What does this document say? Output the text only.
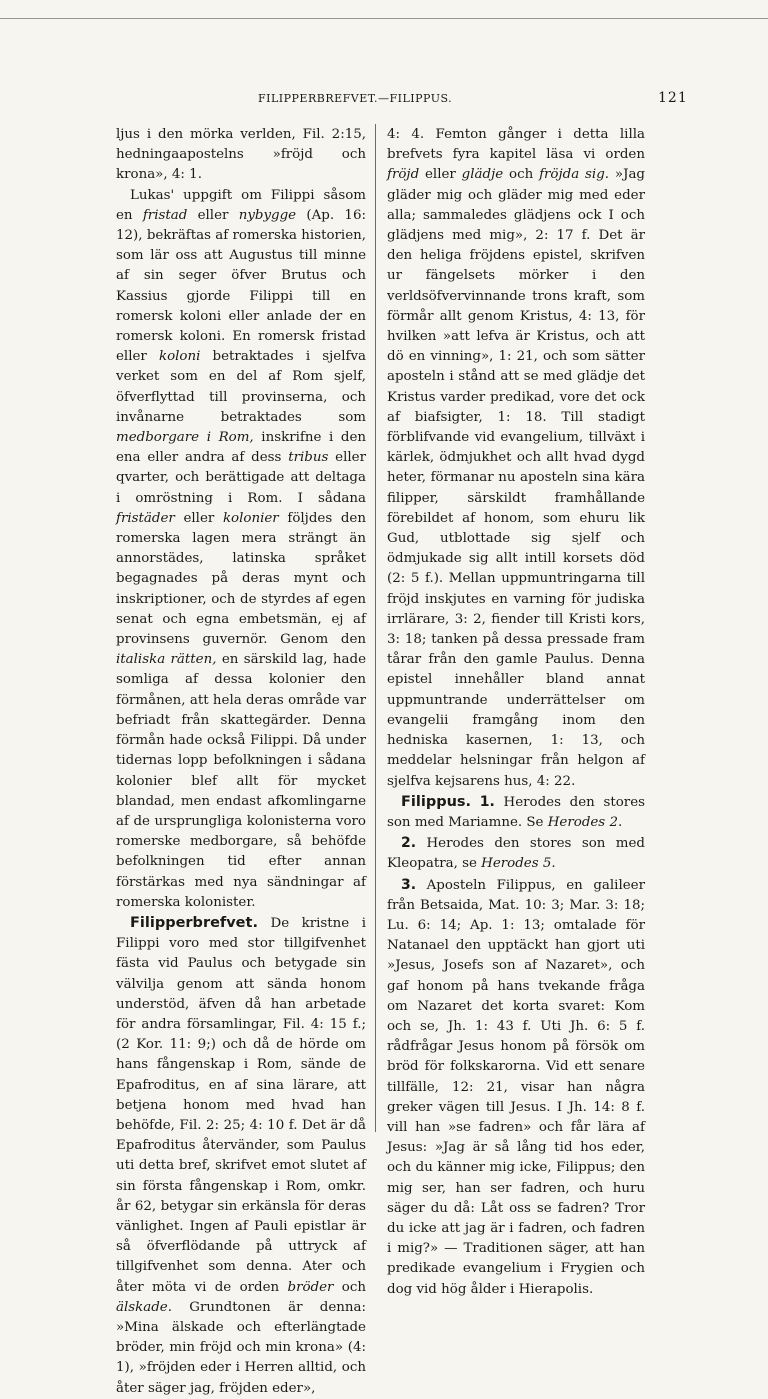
FILIPPERBREFVET.—FILIPPUS.	121

ljus i den mörka verlden, Fil. 2:15, hedningaapostelns »fröjd och krona», 4: 1.

Lukas' uppgift om Filippi såsom en fristad eller nybygge (Ap. 16: 12), bekräftas af romerska historien, som lär oss att Augustus till minne af sin seger öfver Brutus och Kassius gjorde Filippi till en romersk koloni eller anlade der en romersk koloni. En romersk fristad eller koloni betraktades i sjelfva verket som en del af Rom sjelf, öfverflyttad till provinserna, och invånarne betraktades som medborgare i Rom, inskrifne i den ena eller andra af dess tribus eller qvarter, och berättigade att deltaga i omröstning i Rom. I sådana fristäder eller kolonier följdes den romerska lagen mera strängt än annorstädes, latinska språket begagnades på deras mynt och inskriptioner, och de styrdes af egen senat och egna embetsmän, ej af provinsens guvernör. Genom den italiska rätten, en särskild lag, hade somliga af dessa kolonier den förmånen, att hela deras område var befriadt från skattegärder. Denna förmån hade också Filippi. Då under tidernas lopp befolkningen i sådana kolonier blef allt för mycket blandad, men endast afkomlingarne af de ursprungliga kolonisterna voro romerske medborgare, så behöfde befolkningen tid efter annan förstärkas med nya sändningar af romerska kolonister.

Filipperbrefvet. De kristne i Filippi voro med stor tillgifvenhet fästa vid Paulus och betygade sin välvilja genom att sända honom understöd, äfven då han arbetade för andra församlingar, Fil. 4: 15 f.; (2 Kor. 11: 9;) och då de hörde om hans fångenskap i Rom, sände de Epafroditus, en af sina lärare, att betjena honom med hvad han behöfde, Fil. 2: 25; 4: 10 f. Det är då Epafroditus återvänder, som Paulus uti detta bref, skrifvet emot slutet af sin första fångenskap i Rom, omkr. år 62, betygar sin erkänsla för deras vänlighet. Ingen af Pauli epistlar är så öfverflödande på uttryck af tillgifvenhet som denna. Ater och åter möta vi de orden bröder och älskade. Grundtonen är denna: »Mina älskade och efterlängtade bröder, min fröjd och min krona» (4: 1), »fröjden eder i Herren alltid, och åter säger jag, fröjden eder»,

4: 4. Femton gånger i detta lilla brefvets fyra kapitel läsa vi orden fröjd eller glädje och fröjda sig. »Jag gläder mig och gläder mig med eder alla; sammaledes glädjens ock I och glädjens med mig», 2: 17 f. Det är den heliga fröjdens epistel, skrifven ur fängelsets mörker i den verldsöfvervinnande trons kraft, som förmår allt genom Kristus, 4: 13, för hvilken »att lefva är Kristus, och att dö en vinning», 1: 21, och som sätter aposteln i stånd att se med glädje det Kristus varder predikad, vore det ock af biafsigter, 1: 18. Till stadigt förblifvande vid evangelium, tillväxt i kärlek, ödmjukhet och allt hvad dygd heter, förmanar nu aposteln sina kära filipper, särskildt framhållande förebildet af honom, som ehuru lik Gud, utblottade sig sjelf och ödmjukade sig allt intill korsets död (2: 5 f.). Mellan uppmuntringarna till fröjd inskjutes en varning för judiska irrlärare, 3: 2, fiender till Kristi kors, 3: 18; tanken på dessa pressade fram tårar från den gamle Paulus. Denna epistel innehåller bland annat uppmuntrande underrättelser om evangelii framgång inom den hedniska kasernen, 1: 13, och meddelar helsningar från helgon af sjelfva kejsarens hus, 4: 22.

Filippus. 1. Herodes den stores son med Mariamne. Se Herodes 2.

2. Herodes den stores son med Kleopatra, se Herodes 5.

3. Aposteln Filippus, en galileer från Betsaida, Mat. 10: 3; Mar. 3: 18; Lu. 6: 14; Ap. 1: 13; omtalade för Natanael den upptäckt han gjort uti »Jesus, Josefs son af Nazaret», och gaf honom på hans tvekande fråga om Nazaret det korta svaret: Kom och se, Jh. 1: 43 f. Uti Jh. 6: 5 f. rådfrågar Jesus honom på försök om bröd för folkskarorna. Vid ett senare tillfälle, 12: 21, visar han några greker vägen till Jesus. I Jh. 14: 8 f. vill han »se fadren» och får lära af Jesus: »Jag är så lång tid hos eder, och du känner mig icke, Filippus; den mig ser, han ser fadren, och huru säger du då: Låt oss se fadren? Tror du icke att jag är i fadren, och fadren i mig?» — Traditionen säger, att han predikade evangelium i Frygien och dog vid hög ålder i Hierapolis.
